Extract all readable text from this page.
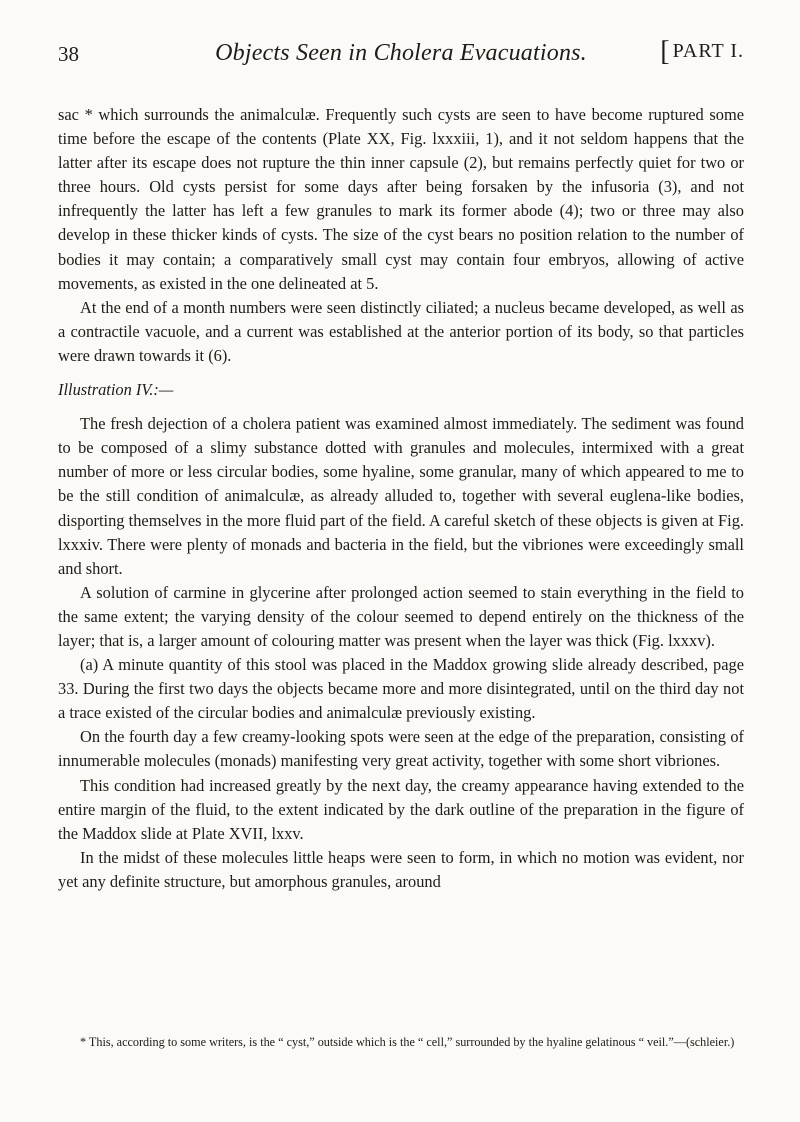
38	Objects Seen in Cholera Evacuations.	[ PART I.

sac * which surrounds the animalculæ. Frequently such cysts are seen to have become ruptured some time before the escape of the contents (Plate XX, Fig. lxxxiii, 1), and it not seldom happens that the latter after its escape does not rupture the thin inner capsule (2), but remains perfectly quiet for two or three hours. Old cysts persist for some days after being forsaken by the infusoria (3), and not infrequently the latter has left a few granules to mark its former abode (4); two or three may also develop in these thicker kinds of cysts. The size of the cyst bears no position relation to the number of bodies it may contain; a comparatively small cyst may contain four embryos, allowing of active movements, as existed in the one delineated at 5.

At the end of a month numbers were seen distinctly ciliated; a nucleus became developed, as well as a contractile vacuole, and a current was established at the anterior portion of its body, so that particles were drawn towards it (6).

Illustration IV.:—

The fresh dejection of a cholera patient was examined almost immediately. The sediment was found to be composed of a slimy substance dotted with granules and molecules, intermixed with a great number of more or less circular bodies, some hyaline, some granular, many of which appeared to me to be the still condition of animalculæ, as already alluded to, together with several euglena-like bodies, disporting themselves in the more fluid part of the field. A careful sketch of these objects is given at Fig. lxxxiv. There were plenty of monads and bacteria in the field, but the vibriones were exceedingly small and short.

A solution of carmine in glycerine after prolonged action seemed to stain everything in the field to the same extent; the varying density of the colour seemed to depend entirely on the thickness of the layer; that is, a larger amount of colouring matter was present when the layer was thick (Fig. lxxxv).

(a) A minute quantity of this stool was placed in the Maddox growing slide already described, page 33. During the first two days the objects became more and more disintegrated, until on the third day not a trace existed of the circular bodies and animalculæ previously existing.

On the fourth day a few creamy-looking spots were seen at the edge of the preparation, consisting of innumerable molecules (monads) manifesting very great activity, together with some short vibriones.

This condition had increased greatly by the next day, the creamy appearance having extended to the entire margin of the fluid, to the extent indicated by the dark outline of the preparation in the figure of the Maddox slide at Plate XVII, lxxv.

In the midst of these molecules little heaps were seen to form, in which no motion was evident, nor yet any definite structure, but amorphous granules, around

* This, according to some writers, is the “ cyst,” outside which is the “ cell,” surrounded by the hyaline gelatinous “ veil.”—(schleier.)
